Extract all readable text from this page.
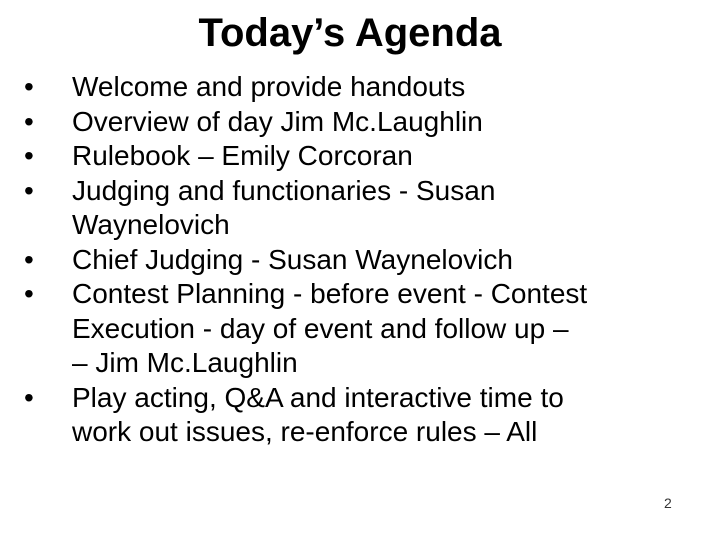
Today’s Agenda
•	Welcome and provide handouts
•	Overview of day Jim Mc.Laughlin
•	Rulebook – Emily Corcoran
•	Judging and functionaries - Susan
Waynelovich
•	Chief Judging - Susan Waynelovich
•	Contest Planning - before event - Contest
Execution - day of event and follow up –
– Jim Mc.Laughlin
•	Play acting, Q&A and interactive time to
work out issues, re-enforce rules – All
2
